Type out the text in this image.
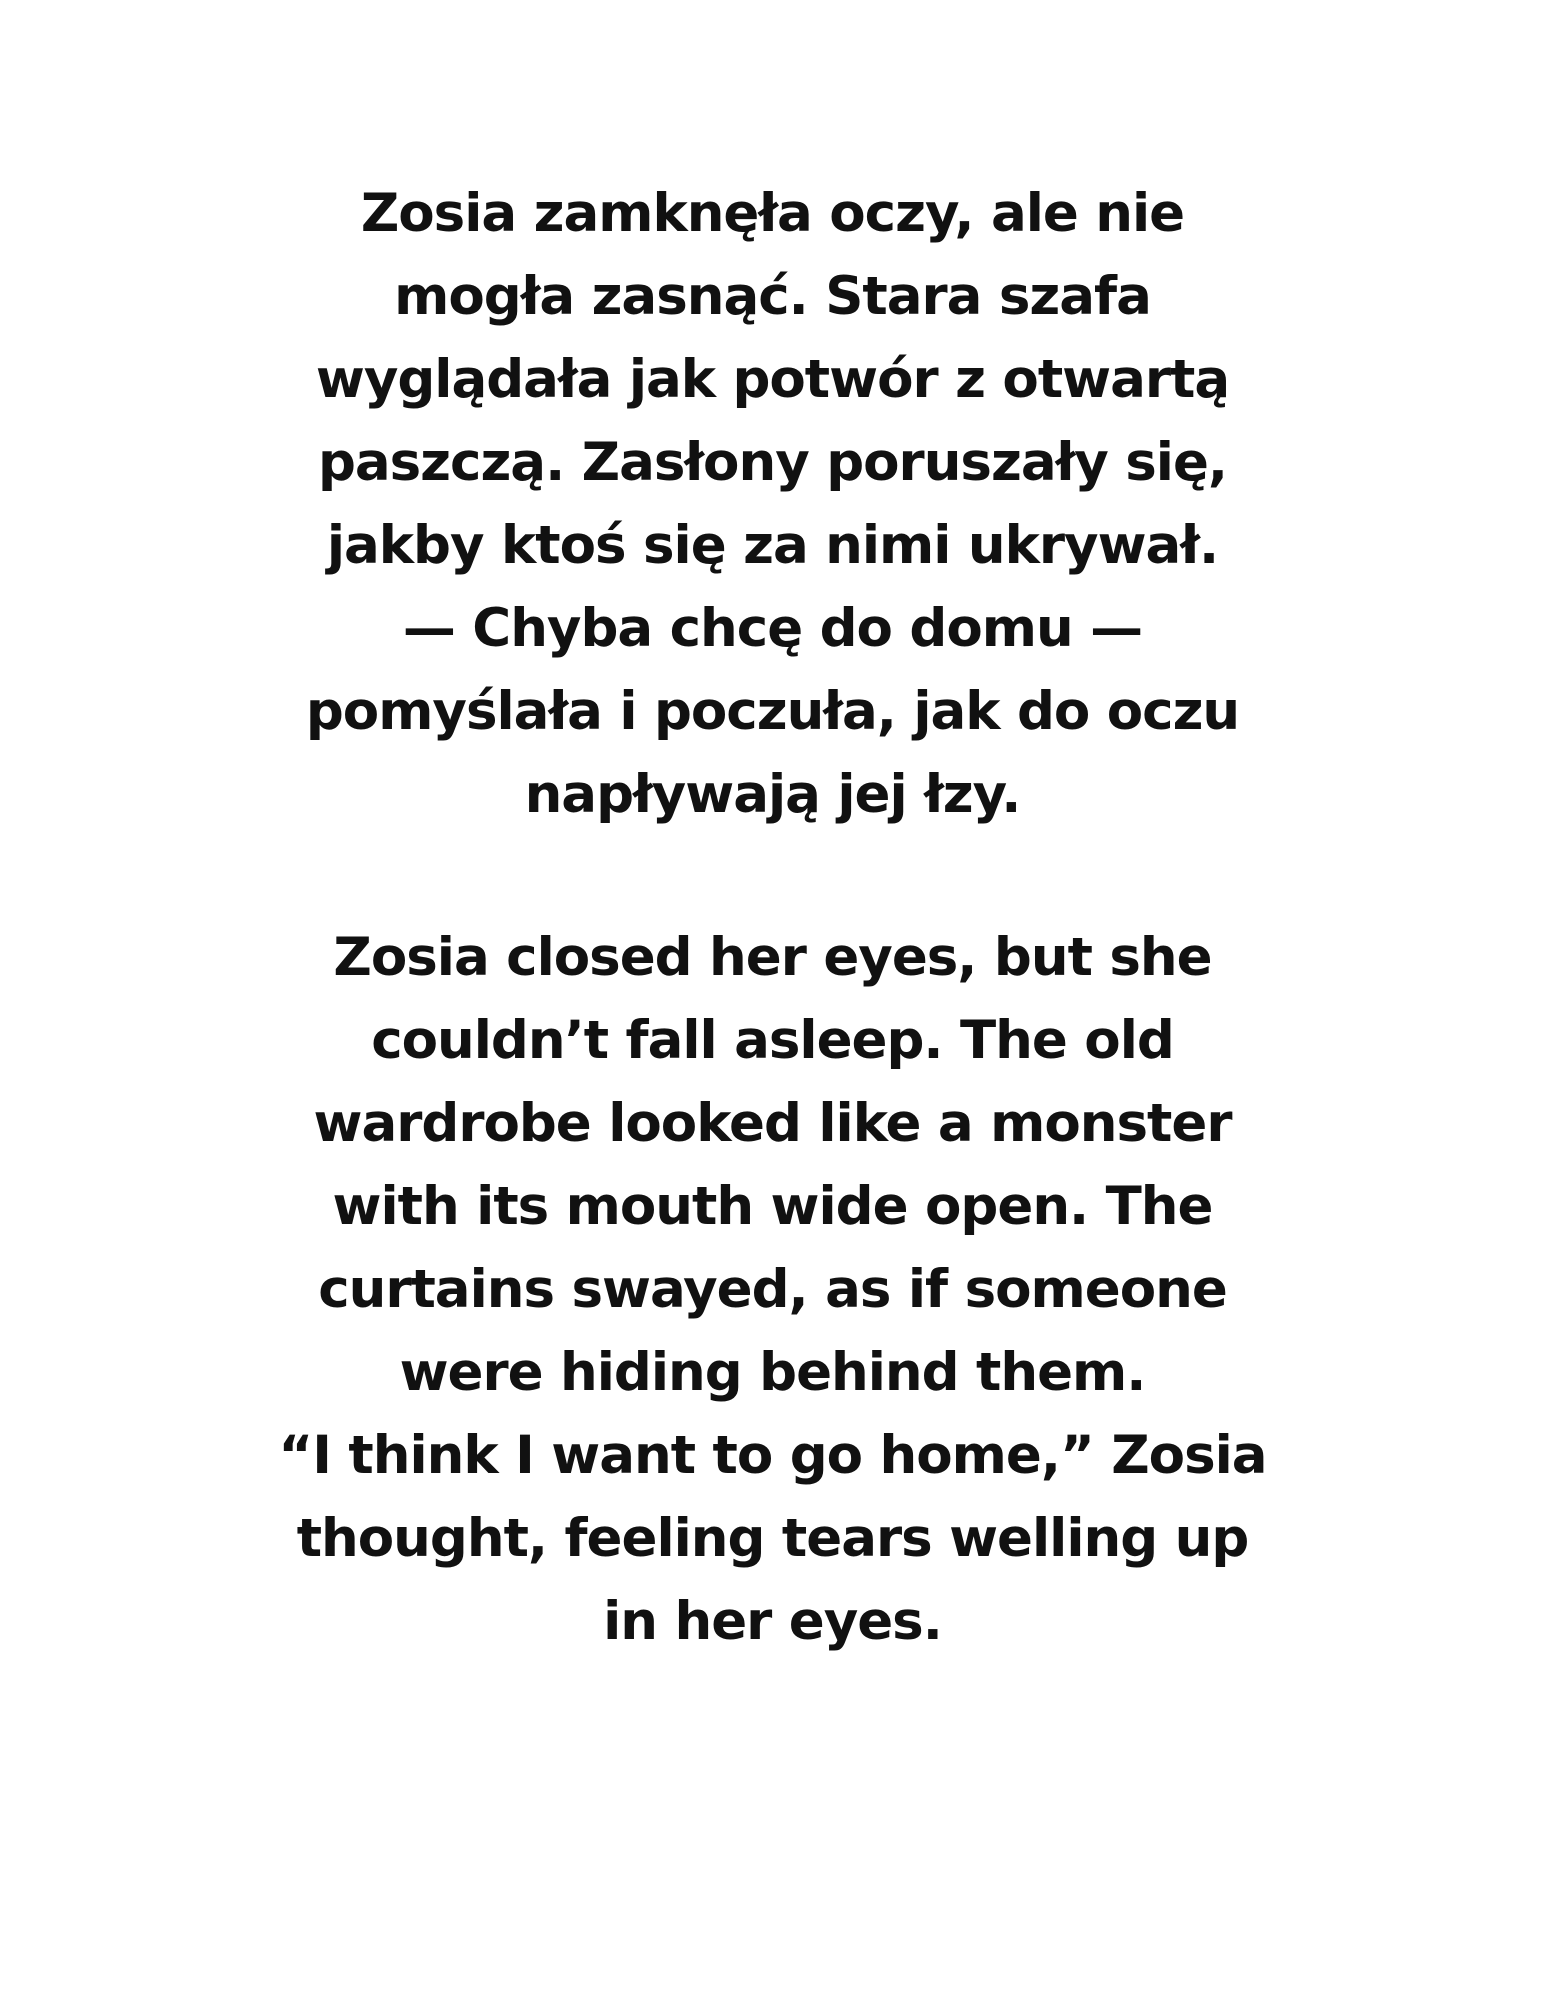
Zosia zamknęła oczy, ale nie
mogła zasnąć. Stara szafa
wyglądała jak potwór z otwartą
paszczą. Zasłony poruszały się,
jakby ktoś się za nimi ukrywał.
— Chyba chcę do domu —
pomyślała i poczuła, jak do oczu
napływają jej łzy.
Zosia closed her eyes, but she
couldn’t fall asleep. The old
wardrobe looked like a monster
with its mouth wide open. The
curtains swayed, as if someone
were hiding behind them.
“I think I want to go home,” Zosia
thought, feeling tears welling up
in her eyes.
